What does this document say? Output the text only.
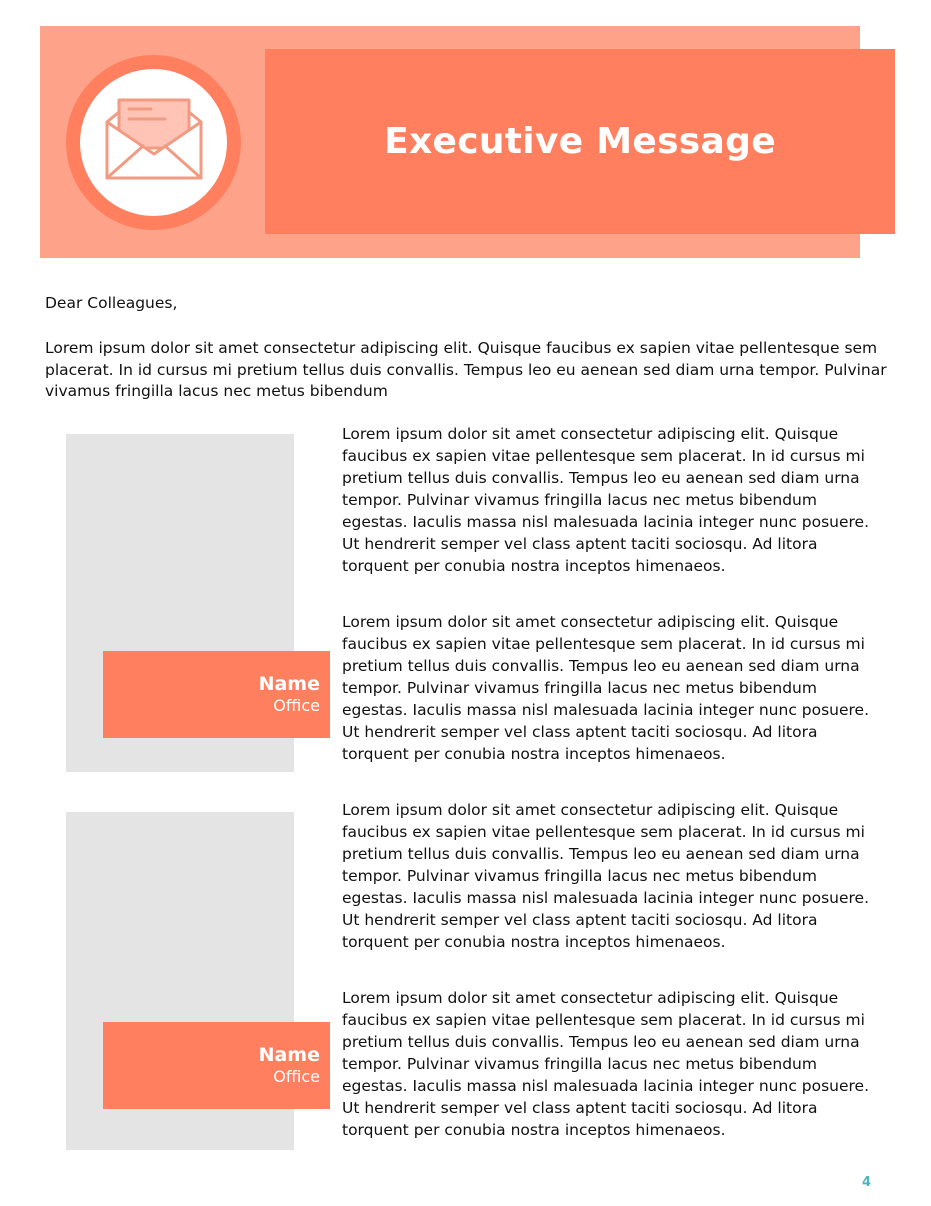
Executive Message

Dear Colleagues,

Lorem ipsum dolor sit amet consectetur adipiscing elit. Quisque faucibus ex sapien vitae pellentesque sem placerat. In id cursus mi pretium tellus duis convallis. Tempus leo eu aenean sed diam urna tempor. Pulvinar vivamus fringilla lacus nec metus bibendum

Name
Office
Name
Office

Lorem ipsum dolor sit amet consectetur adipiscing elit. Quisque faucibus ex sapien vitae pellentesque sem placerat. In id cursus mi pretium tellus duis convallis. Tempus leo eu aenean sed diam urna tempor. Pulvinar vivamus fringilla lacus nec metus bibendum egestas. Iaculis massa nisl malesuada lacinia integer nunc posuere. Ut hendrerit semper vel class aptent taciti sociosqu. Ad litora torquent per conubia nostra inceptos himenaeos.

Lorem ipsum dolor sit amet consectetur adipiscing elit. Quisque faucibus ex sapien vitae pellentesque sem placerat. In id cursus mi pretium tellus duis convallis. Tempus leo eu aenean sed diam urna tempor. Pulvinar vivamus fringilla lacus nec metus bibendum egestas. Iaculis massa nisl malesuada lacinia integer nunc posuere. Ut hendrerit semper vel class aptent taciti sociosqu. Ad litora torquent per conubia nostra inceptos himenaeos.

Lorem ipsum dolor sit amet consectetur adipiscing elit. Quisque faucibus ex sapien vitae pellentesque sem placerat. In id cursus mi pretium tellus duis convallis. Tempus leo eu aenean sed diam urna tempor. Pulvinar vivamus fringilla lacus nec metus bibendum egestas. Iaculis massa nisl malesuada lacinia integer nunc posuere. Ut hendrerit semper vel class aptent taciti sociosqu. Ad litora torquent per conubia nostra inceptos himenaeos.

Lorem ipsum dolor sit amet consectetur adipiscing elit. Quisque faucibus ex sapien vitae pellentesque sem placerat. In id cursus mi pretium tellus duis convallis. Tempus leo eu aenean sed diam urna tempor. Pulvinar vivamus fringilla lacus nec metus bibendum egestas. Iaculis massa nisl malesuada lacinia integer nunc posuere. Ut hendrerit semper vel class aptent taciti sociosqu. Ad litora torquent per conubia nostra inceptos himenaeos.

4
